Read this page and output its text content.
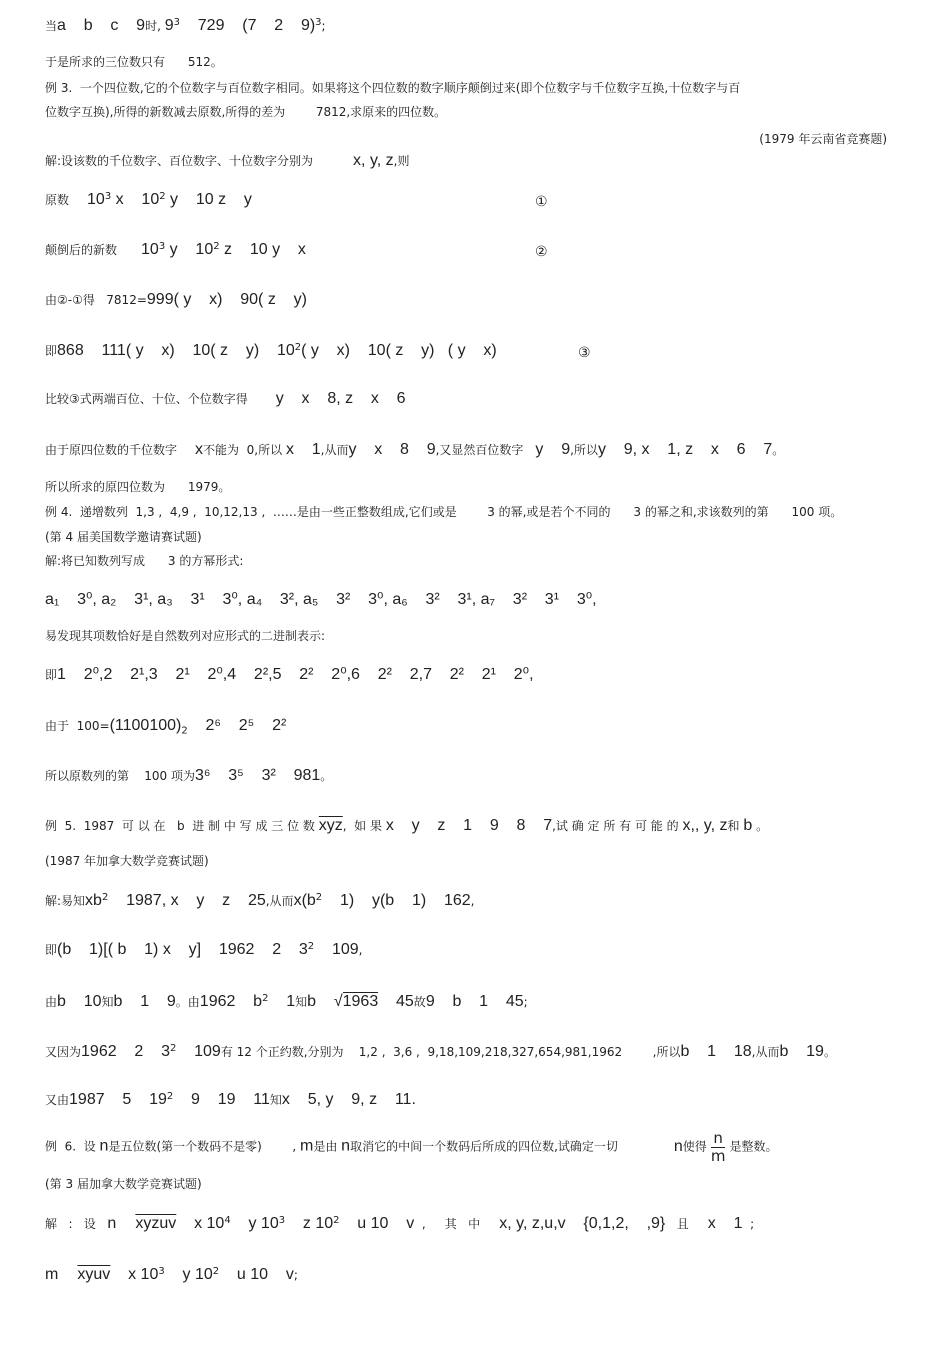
当a    b    c    9时, $9^3$    729    (7    2    9)$^3$;
于是所求的三位数只有      512。
例 3.  一个四位数,它的个位数字与百位数字相同。如果将这个四位数的数字顺序颠倒过来(即个位数字与千位数字互换,十位数字与百
位数字互换),所得的新数减去原数,所得的差为        7812,求原来的四位数。
(1979 年云南省竞赛题)
解:设该数的千位数字、百位数字、十位数字分别为	x, y, z,则
原数 $10^3$ x    $10^2$ y    10 z    y	①
颠倒后的新数 $10^3$ y    $10^2$ z    10 y    x	②
由②-①得   7812=999( y    x)    90( z    y)
即868    111( y    x)    10( z    y)    $10^2$( y    x)    10( z    y)   ( y    x)	③
比较③式两端百位、十位、个位数字得 y    x    8, z    x    6
由于原四位数的千位数字 x不能为  0,所以 x    1,从而y    x    8    9,又显然百位数字 y    9,所以y    9, x    1, z    x    6    7。
所以所求的原四位数为      1979。
例 4.  递增数列  1,3 ,  4,9 ,  10,12,13 ,  ……是由一些正整数组成,它们或是        3 的幂,或是若个不同的      3 的幂之和,求该数列的第      100 项。
(第 4 届美国数学邀请赛试题)
解:将已知数列写成      3 的方幂形式:
a₁    3⁰, a₂    3¹, a₃    3¹    3⁰, a₄    3², a₅    3²    3⁰, a₆    3²    3¹, a₇    3²    3¹    3⁰,
易发现其项数恰好是自然数列对应形式的二进制表示:
即1    2⁰,2    2¹,3    2¹    2⁰,4    2²,5    2²    2⁰,6    2²    2,7    2²    2¹    2⁰,
由于  $100=(1100100)_2$    2⁶    2⁵    2²
所以原数列的第    100 项为3⁶    3⁵    3²    981。
例  5.  1987  可 以 在   b  进 制 中 写 成 三 位 数 $\overline{xyz}$,  如 果 x    y    z    1    9    8    7,试 确 定 所 有 可 能 的 x,, y, z和 b 。
(1987 年加拿大数学竞赛试题)
解:易知$xb^2$    1987, x    y    z    25,从而$x(b^2$    1)    y(b    1)    162,
即(b    1)[( b    1) x    y]    1962    2    $3^2$    109,
由b    10知b    1    9。由1962    $b^2$    1知b    √1963    45故9    b    1    45;
又因为1962    2    $3^2$    109有 12 个正约数,分别为    1,2 ,  3,6 ,  9,18,109,218,327,654,981,1962        ,所以b    1    18,从而b    19。
又由1987    5    $19^2$    9    19    11知x    5, y    9, z    11.
例  6.  设 n是五位数(第一个数码不是零)        , m是由 n取消它的中间一个数码后所成的四位数,试确定一切	n使得 $\frac{n}{m}$ 是整数。
(第 3 届加拿大数学竞赛试题)
解   :   设 n xyzuv    x $10^4$    y $10^3$    z $10^2$    u 10    v  ,     其   中 x, y, z,u,v    {0,1,2,    ,9}   且 x    1  ;
m xyuv    x $10^3$    y $10^2$    u 10    v;
